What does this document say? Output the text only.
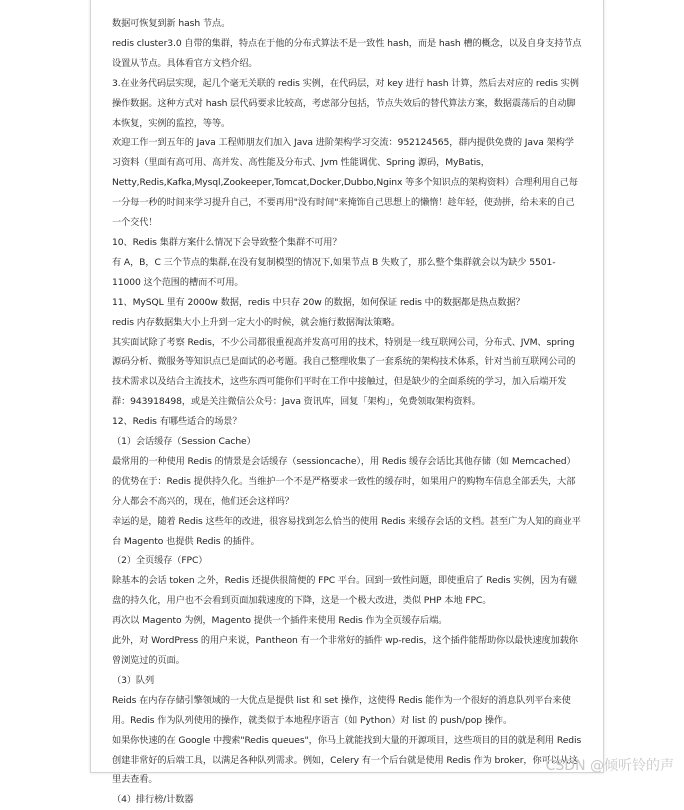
数据可恢复到新 hash 节点。

redis cluster3.0 自带的集群，特点在于他的分布式算法不是一致性 hash，而是 hash 槽的概念，以及自身支持节点设置从节点。具体看官方文档介绍。

3.在业务代码层实现，起几个毫无关联的 redis 实例，在代码层，对 key 进行 hash 计算，然后去对应的 redis 实例操作数据。这种方式对 hash 层代码要求比较高，考虑部分包括，节点失效后的替代算法方案，数据震荡后的自动脚本恢复，实例的监控，等等。

欢迎工作一到五年的 Java 工程师朋友们加入 Java 进阶架构学习交流：952124565，群内提供免费的 Java 架构学习资料（里面有高可用、高并发、高性能及分布式、Jvm 性能调优、Spring 源码，MyBatis，Netty,Redis,Kafka,Mysql,Zookeeper,Tomcat,Docker,Dubbo,Nginx 等多个知识点的架构资料）合理利用自己每一分每一秒的时间来学习提升自己，不要再用"没有时间"来掩饰自己思想上的懒惰！趁年轻，使劲拼，给未来的自己一个交代！

10、Redis 集群方案什么情况下会导致整个集群不可用？

有 A，B，C 三个节点的集群,在没有复制模型的情况下,如果节点 B 失败了，那么整个集群就会以为缺少 5501-11000 这个范围的槽而不可用。

11、MySQL 里有 2000w 数据，redis 中只存 20w 的数据，如何保证 redis 中的数据都是热点数据？

redis 内存数据集大小上升到一定大小的时候，就会施行数据淘汰策略。

其实面试除了考察 Redis，不少公司都很重视高并发高可用的技术，特别是一线互联网公司，分布式、JVM、spring 源码分析、微服务等知识点已是面试的必考题。我自己整理收集了一套系统的架构技术体系，针对当前互联网公司的技术需求以及结合主流技术，这些东西可能你们平时在工作中接触过，但是缺少的全面系统的学习，加入后端开发群：943918498，或是关注微信公众号：Java 资讯库，回复「架构」，免费领取架构资料。

12、Redis 有哪些适合的场景？

（1）会话缓存（Session Cache）

最常用的一种使用 Redis 的情景是会话缓存（sessioncache），用 Redis 缓存会话比其他存储（如 Memcached）的优势在于：Redis 提供持久化。当维护一个不是严格要求一致性的缓存时，如果用户的购物车信息全部丢失，大部分人都会不高兴的，现在，他们还会这样吗？

幸运的是，随着 Redis 这些年的改进，很容易找到怎么恰当的使用 Redis 来缓存会话的文档。甚至广为人知的商业平台 Magento 也提供 Redis 的插件。

（2）全页缓存（FPC）

除基本的会话 token 之外，Redis 还提供很简便的 FPC 平台。回到一致性问题，即使重启了 Redis 实例，因为有磁盘的持久化，用户也不会看到页面加载速度的下降，这是一个极大改进，类似 PHP 本地 FPC。

再次以 Magento 为例，Magento 提供一个插件来使用 Redis 作为全页缓存后端。

此外，对 WordPress 的用户来说，Pantheon 有一个非常好的插件 wp-redis，这个插件能帮助你以最快速度加载你曾浏览过的页面。

（3）队列

Reids 在内存存储引擎领域的一大优点是提供 list 和 set 操作，这使得 Redis 能作为一个很好的消息队列平台来使用。Redis 作为队列使用的操作，就类似于本地程序语言（如 Python）对 list 的 push/pop 操作。

如果你快速的在 Google 中搜索"Redis queues"，你马上就能找到大量的开源项目，这些项目的目的就是利用 Redis 创建非常好的后端工具，以满足各种队列需求。例如，Celery 有一个后台就是使用 Redis 作为 broker，你可以从这里去查看。

（4）排行榜/计数器

CSDN @倾听铃的声
